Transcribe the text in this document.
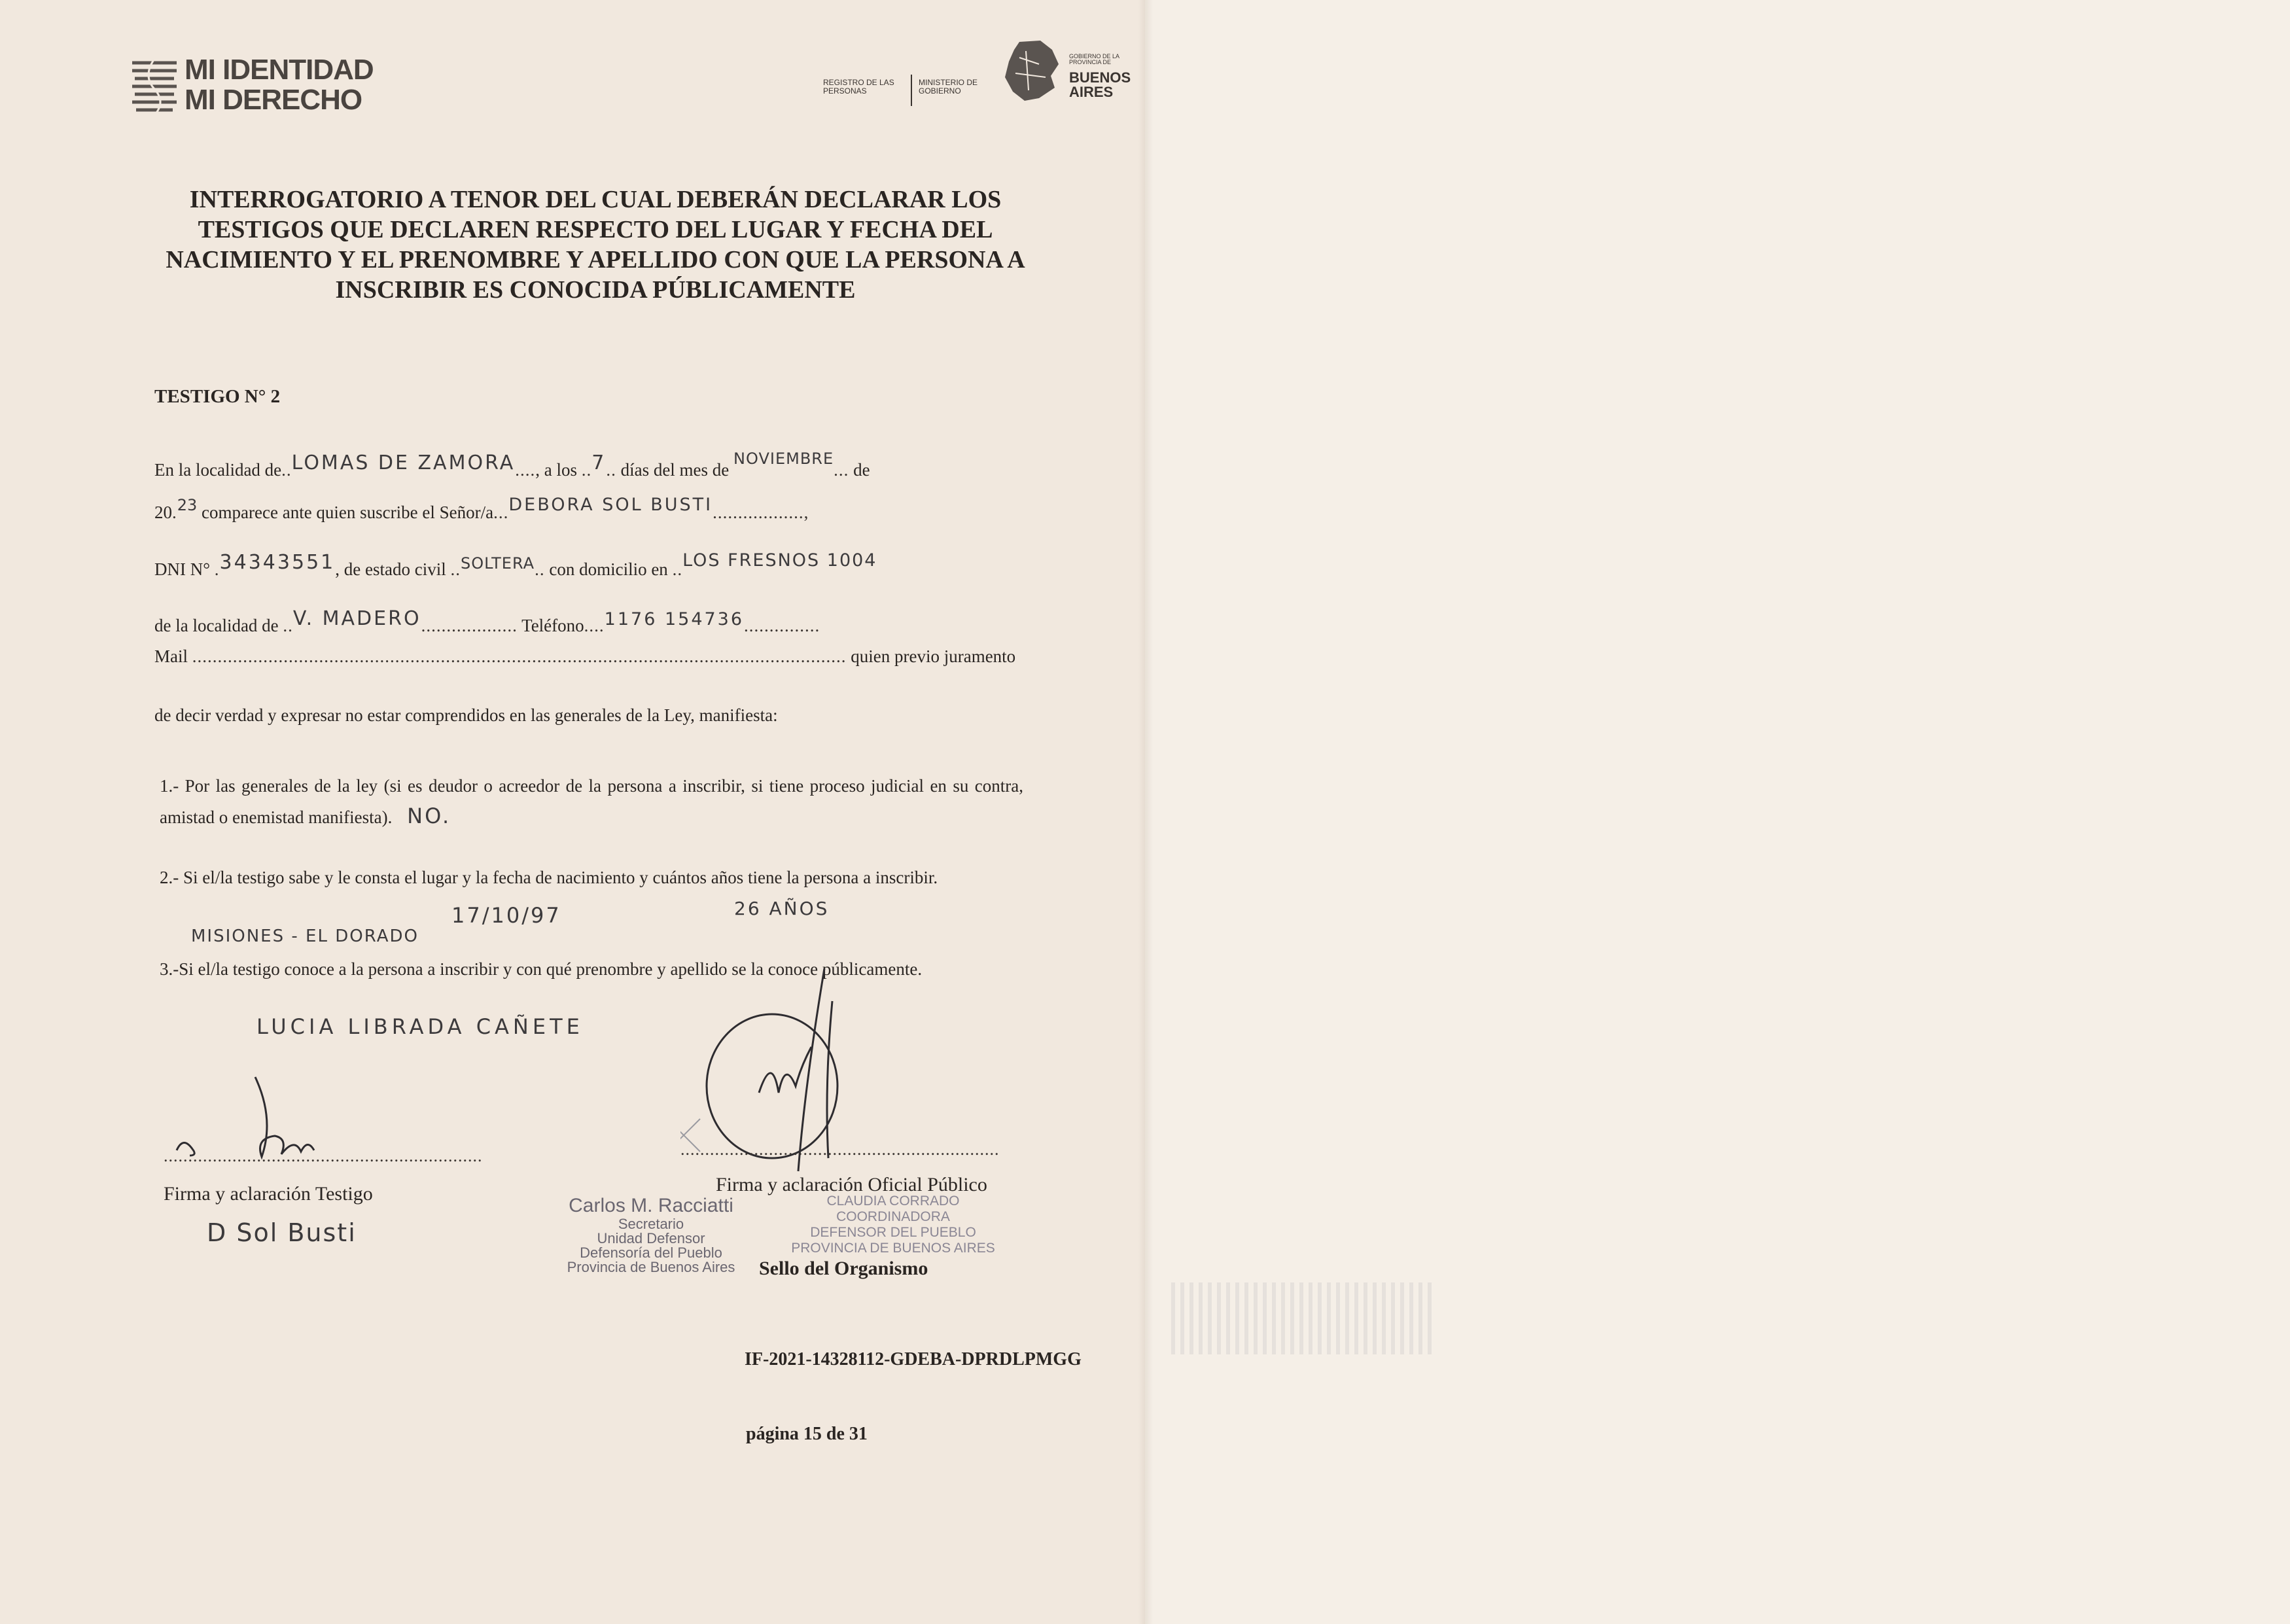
MI IDENTIDAD
MI DERECHO
REGISTRO DE LAS PERSONAS
MINISTERIO DE GOBIERNO
GOBIERNO DE LA PROVINCIA DE
BUENOS AIRES
INTERROGATORIO A TENOR DEL CUAL DEBERÁN DECLARAR LOS TESTIGOS QUE DECLAREN RESPECTO DEL LUGAR Y FECHA DEL NACIMIENTO Y EL PRENOMBRE Y APELLIDO CON QUE LA PERSONA A INSCRIBIR ES CONOCIDA PÚBLICAMENTE
TESTIGO N° 2
En la localidad de..LOMAS DE ZAMORA...., a los ..7.. días del mes de NOVIEMBRE... de
20.23 comparece ante quien suscribe el Señor/a...DEBORA SOL BUSTI..................,
DNI N° .34343551, de estado civil ..SOLTERA.. con domicilio en ..LOS FRESNOS 1004
de la localidad de ..V. MADERO................... Teléfono....1176 154736...............
Mail ................................................................................................................................. quien previo juramento
de decir verdad y expresar no estar comprendidos en las generales de la Ley, manifiesta:
1.- Por las generales de la ley (si es deudor o acreedor de la persona a inscribir, si tiene proceso judicial en su contra, amistad o enemistad manifiesta). NO.
2.- Si el/la testigo sabe y le consta el lugar y la fecha de nacimiento y cuántos años tiene la persona a inscribir.
17/10/97	26 AÑOS
MISIONES - EL DORADO
3.-Si el/la testigo conoce a la persona a inscribir y con qué prenombre y apellido se la conoce públicamente.
LUCIA LIBRADA CAÑETE
.................................................................
Firma y aclaración Testigo
D Sol Busti
.................................................................
Firma y aclaración Oficial Público
Sello del Organismo
Carlos M. Racciatti
Secretario
Unidad Defensor
Defensoría del Pueblo
Provincia de Buenos Aires
CLAUDIA CORRADO
COORDINADORA
DEFENSOR DEL PUEBLO
PROVINCIA DE BUENOS AIRES
IF-2021-14328112-GDEBA-DPRDLPMGG
página 15 de 31
